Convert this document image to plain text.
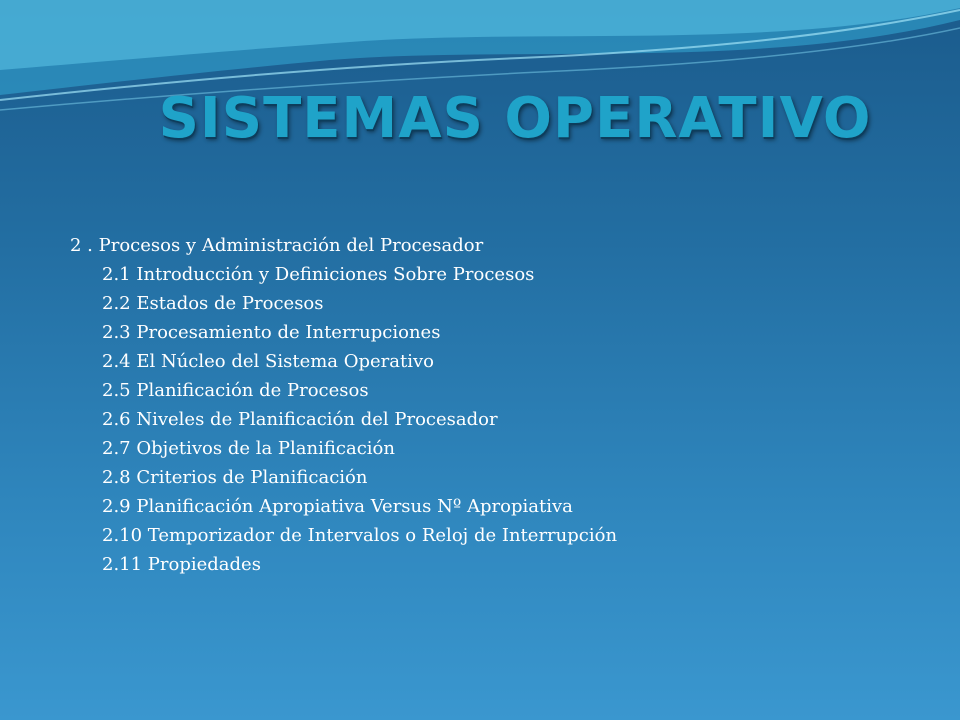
SISTEMAS OPERATIVO
2 . Procesos y Administración del Procesador
2.1 Introducción y Definiciones Sobre Procesos
2.2 Estados de Procesos
2.3 Procesamiento de Interrupciones
2.4 El Núcleo del Sistema Operativo
2.5 Planificación de Procesos
2.6 Niveles de Planificación del Procesador
2.7 Objetivos de la Planificación
2.8 Criterios de Planificación
2.9 Planificación Apropiativa Versus Nº Apropiativa
2.10 Temporizador de Intervalos o Reloj de Interrupción
2.11 Propiedades
